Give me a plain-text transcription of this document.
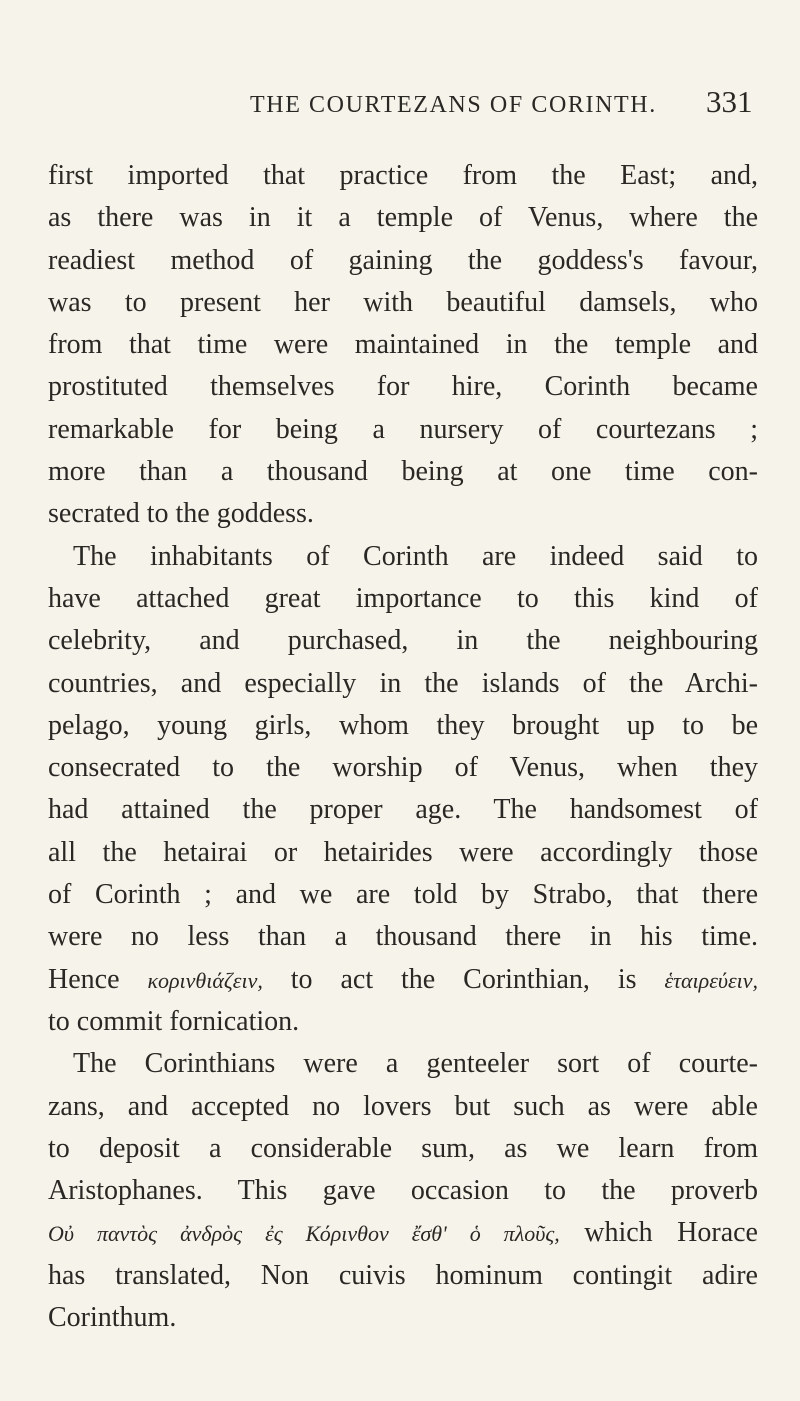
THE COURTEZANS OF CORINTH. 331
first imported that practice from the East; and,
as there was in it a temple of Venus, where the
readiest method of gaining the goddess's favour,
was to present her with beautiful damsels, who
from that time were maintained in the temple and
prostituted themselves for hire, Corinth became
remarkable for being a nursery of courtezans ;
more than a thousand being at one time con-
secrated to the goddess.
The inhabitants of Corinth are indeed said to
have attached great importance to this kind of
celebrity, and purchased, in the neighbouring
countries, and especially in the islands of the Archi-
pelago, young girls, whom they brought up to be
consecrated to the worship of Venus, when they
had attained the proper age. The handsomest of
all the hetairai or hetairides were accordingly those
of Corinth ; and we are told by Strabo, that there
were no less than a thousand there in his time.
Hence κορινθιάζειν, to act the Corinthian, is ἑταιρεύειν,
to commit fornication.
The Corinthians were a genteeler sort of courte-
zans, and accepted no lovers but such as were able
to deposit a considerable sum, as we learn from
Aristophanes. This gave occasion to the proverb
Οὐ παντὸς ἀνδρὸς ἐς Κόρινθον ἔσθ' ὁ πλοῦς, which Horace
has translated, Non cuivis hominum contingit adire
Corinthum.
